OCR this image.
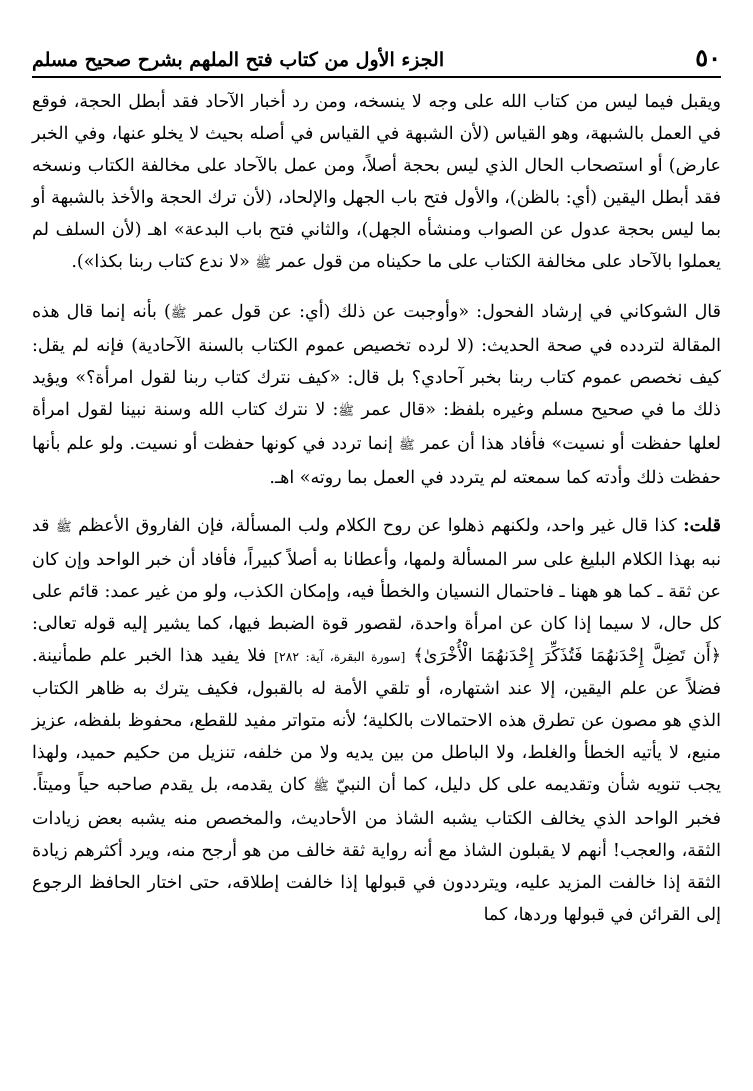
٥٠
الجزء الأول من كتاب فتح الملهم بشرح صحيح مسلم

ويقبل فيما ليس من كتاب الله على وجه لا ينسخه، ومن رد أخبار الآحاد فقد أبطل الحجة، فوقع في العمل بالشبهة، وهو القياس (لأن الشبهة في القياس في أصله بحيث لا يخلو عنها، وفي الخبر عارض) أو استصحاب الحال الذي ليس بحجة أصلاً، ومن عمل بالآحاد على مخالفة الكتاب ونسخه فقد أبطل اليقين (أي: بالظن)، والأول فتح باب الجهل والإلحاد، (لأن ترك الحجة والأخذ بالشبهة أو بما ليس بحجة عدول عن الصواب ومنشأه الجهل)، والثاني فتح باب البدعة» اهـ (لأن السلف لم يعملوا بالآحاد على مخالفة الكتاب على ما حكيناه من قول عمر ﷺ «لا ندع كتاب ربنا بكذا»).

قال الشوكاني في إرشاد الفحول: «وأوجبت عن ذلك (أي: عن قول عمر ﷺ) بأنه إنما قال هذه المقالة لتردده في صحة الحديث: (لا لرده تخصيص عموم الكتاب بالسنة الآحادية) فإنه لم يقل: كيف نخصص عموم كتاب ربنا بخبر آحادي؟ بل قال: «كيف نترك كتاب ربنا لقول امرأة؟» ويؤيد ذلك ما في صحيح مسلم وغيره بلفظ: «قال عمر ﷺ: لا نترك كتاب الله وسنة نبينا لقول امرأة لعلها حفظت أو نسيت» فأفاد هذا أن عمر ﷺ إنما تردد في كونها حفظت أو نسيت. ولو علم بأنها حفظت ذلك وأدته كما سمعته لم يتردد في العمل بما روته» اهـ.

قلت: كذا قال غير واحد، ولكنهم ذهلوا عن روح الكلام ولب المسألة، فإن الفاروق الأعظم ﷺ قد نبه بهذا الكلام البليغ على سر المسألة ولمها، وأعطانا به أصلاً كبيراً، فأفاد أن خبر الواحد وإن كان عن ثقة ـ كما هو ههنا ـ فاحتمال النسيان والخطأ فيه، وإمكان الكذب، ولو من غير عمد: قائم على كل حال، لا سيما إذا كان عن امرأة واحدة، لقصور قوة الضبط فيها، كما يشير إليه قوله تعالى: ﴿أَن تَضِلَّ إِحْدَنهُمَا فَتُذَكِّرَ إِحْدَنهُمَا الْأُخْرَىٰ﴾ [سورة البقرة، آية: ٢٨٢] فلا يفيد هذا الخبر علم طمأنينة. فضلاً عن علم اليقين، إلا عند اشتهاره، أو تلقي الأمة له بالقبول، فكيف يترك به ظاهر الكتاب الذي هو مصون عن تطرق هذه الاحتمالات بالكلية؛ لأنه متواتر مفيد للقطع، محفوظ بلفظه، عزيز منيع، لا يأتيه الخطأ والغلط، ولا الباطل من بين يديه ولا من خلفه، تنزيل من حكيم حميد، ولهذا يجب تنويه شأن وتقديمه على كل دليل، كما أن النبيّ ﷺ كان يقدمه، بل يقدم صاحبه حياً وميتاً. فخبر الواحد الذي يخالف الكتاب يشبه الشاذ من الأحاديث، والمخصص منه يشبه بعض زيادات الثقة، والعجب! أنهم لا يقبلون الشاذ مع أنه رواية ثقة خالف من هو أرجح منه، ويرد أكثرهم زيادة الثقة إذا خالفت المزيد عليه، ويترددون في قبولها إذا خالفت إطلاقه، حتى اختار الحافظ الرجوع إلى القرائن في قبولها وردها، كما
